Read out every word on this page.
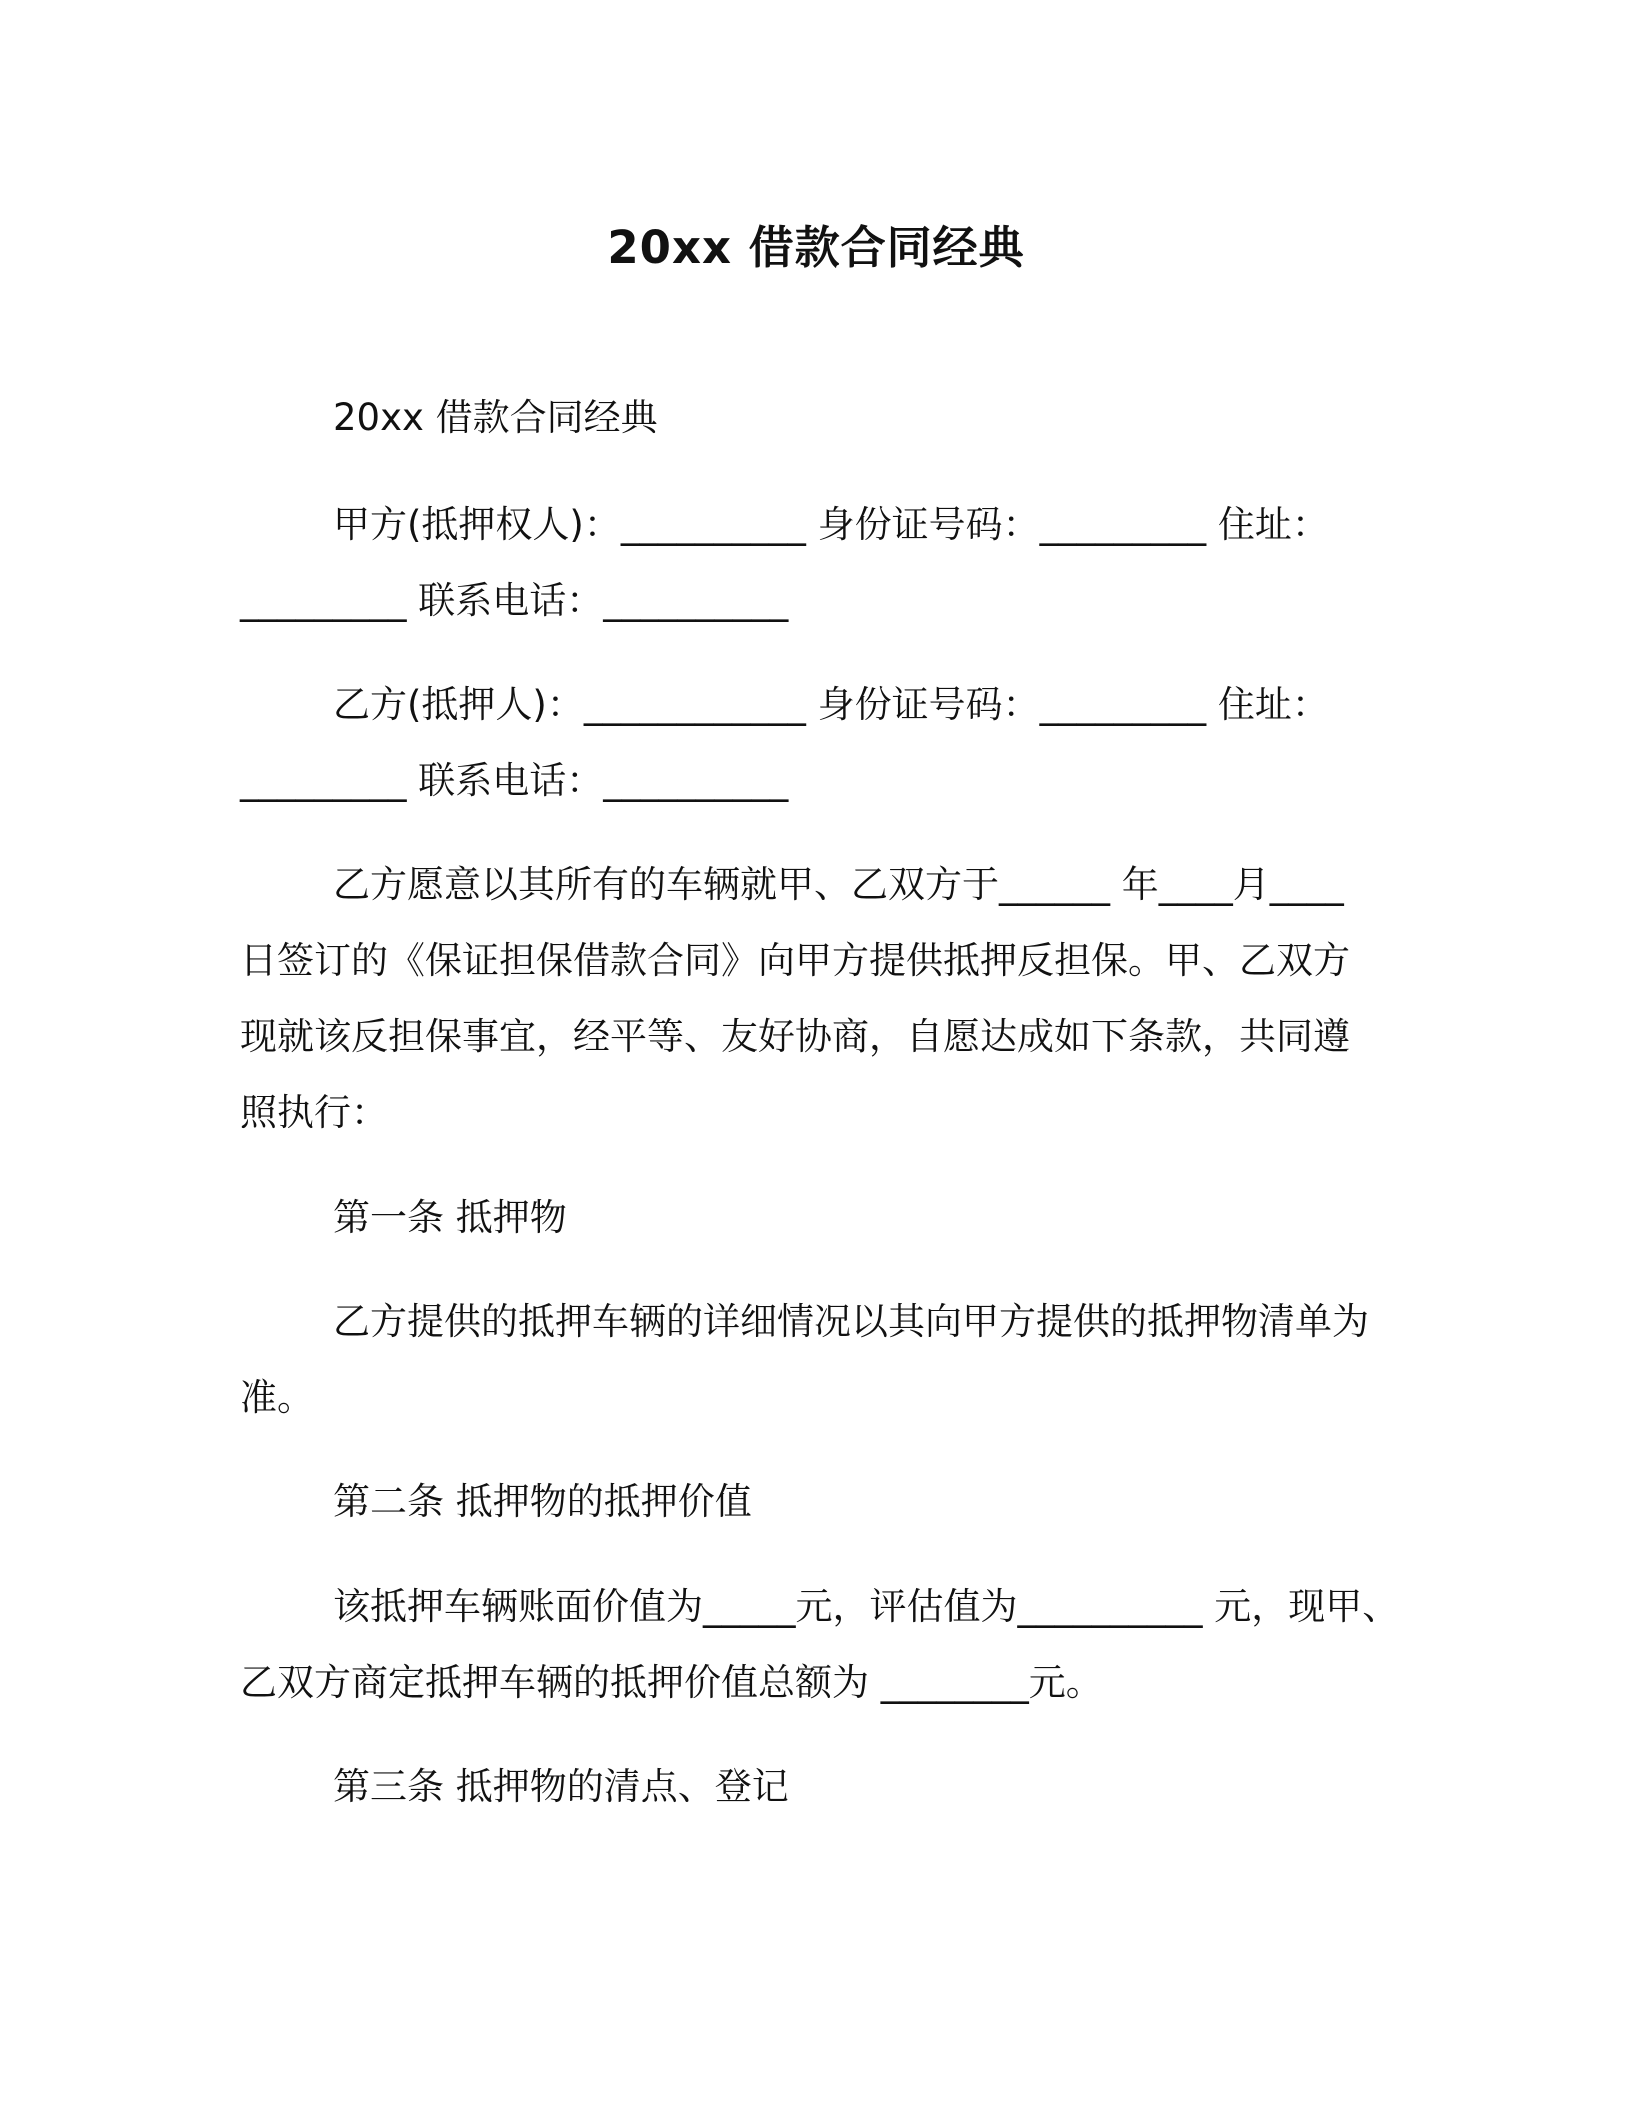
20xx 借款合同经典
20xx 借款合同经典
甲方(抵押权人)：__________ 身份证号码：_________ 住址：
_________ 联系电话：__________
乙方(抵押人)：____________ 身份证号码：_________ 住址：
_________ 联系电话：__________
乙方愿意以其所有的车辆就甲、乙双方于______ 年____月____
日签订的《保证担保借款合同》向甲方提供抵押反担保。甲、乙双方
现就该反担保事宜，经平等、友好协商，自愿达成如下条款，共同遵
照执行：
第一条 抵押物
乙方提供的抵押车辆的详细情况以其向甲方提供的抵押物清单为
准。
第二条 抵押物的抵押价值
该抵押车辆账面价值为_____元，评估值为__________ 元，现甲、
乙双方商定抵押车辆的抵押价值总额为 ________元。
第三条 抵押物的清点、登记
